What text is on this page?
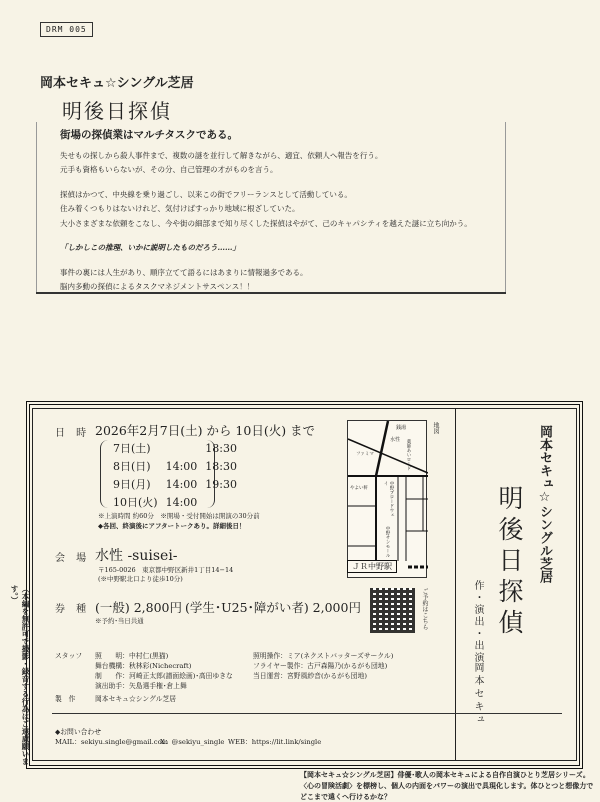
DRM 005
岡本セキュ☆シングル芝居
明後日探偵
街場の探偵業はマルチタスクである。
失せもの探しから殺人事件まで、複数の謎を並行して解きながら、適宜、依頼人へ報告を行う。
元手も資格もいらないが、その分、自己管理の才がものを言う。
探偵はかつて、中央線を乗り過ごし、以来この街でフリーランスとして活動している。
住み着くつもりはないけれど、気付けばすっかり地域に根ざしていた。
大小さまざまな依頼をこなし、今や街の細部まで知り尽くした探偵はやがて、己のキャパシティを越えた謎に立ち向かう。
「しかしこの推理、いかに説明したものだろう……」
事件の裏には人生があり、順序立てて語るにはあまりに情報過多である。
脳内多動の探偵によるタスクマネジメントサスペンス！！
日 時 2026年2月7日(土) から 10日(火) まで
7日(土)		18:30
8日(日)	14:00	18:30
9日(月)	14:00	19:30
10日(火)	14:00	
※上演時間 約60分　※開場・受付開始は開演の30分前
◆各回、終演後にアフタートークあり。詳細後日！
会 場 水性 -suisei-
〒165-0026　東京都中野区新井1丁目14−14
(※中野駅北口より徒歩10分)
銭湯
水性
ファミマ
やよい軒
薬師あいロード
中野ブロードウェイ
中野サンモール
ＪＲ中野駅
地図
ご予約はこちら
券 種 (一般) 2,800円 (学生･U25･障がい者) 2,000円
※予約･当日共通
スタッフ 照　　明：中村仁(黒猫)
舞台機構：秋林彩(Nichecraft)
制　　作：河崎正太郎(譜面絵画)･高田ゆきな
演出助手：矢島選手権･倉上舞
照明操作：ミア(ネクストバッターズサークル)
フライヤー製作：古戸森陽乃(かるがも団地)
当日運営：宮野風紗音(かるがも団地)
製　作	岡本セキュ☆シングル芝居
◆お問い合わせ
MAIL：sekiyu.single@gmail.com
X：@sekiyu_single WEB：https://lit.link/single
岡本セキュ☆シングル芝居
明後日探偵
作・演出・出演
岡本セキュ
（本編を無許可で撮影・録音する行為はご遠慮願います。）
【岡本セキュ☆シングル芝居】俳優･歌人の岡本セキュによる自作自演ひとり芝居シリーズ。〈心の冒険活劇〉を標榜し、個人の内面をパワーの演出で具現化します。体ひとつと想像力でどこまで遠くへ行けるかな？
